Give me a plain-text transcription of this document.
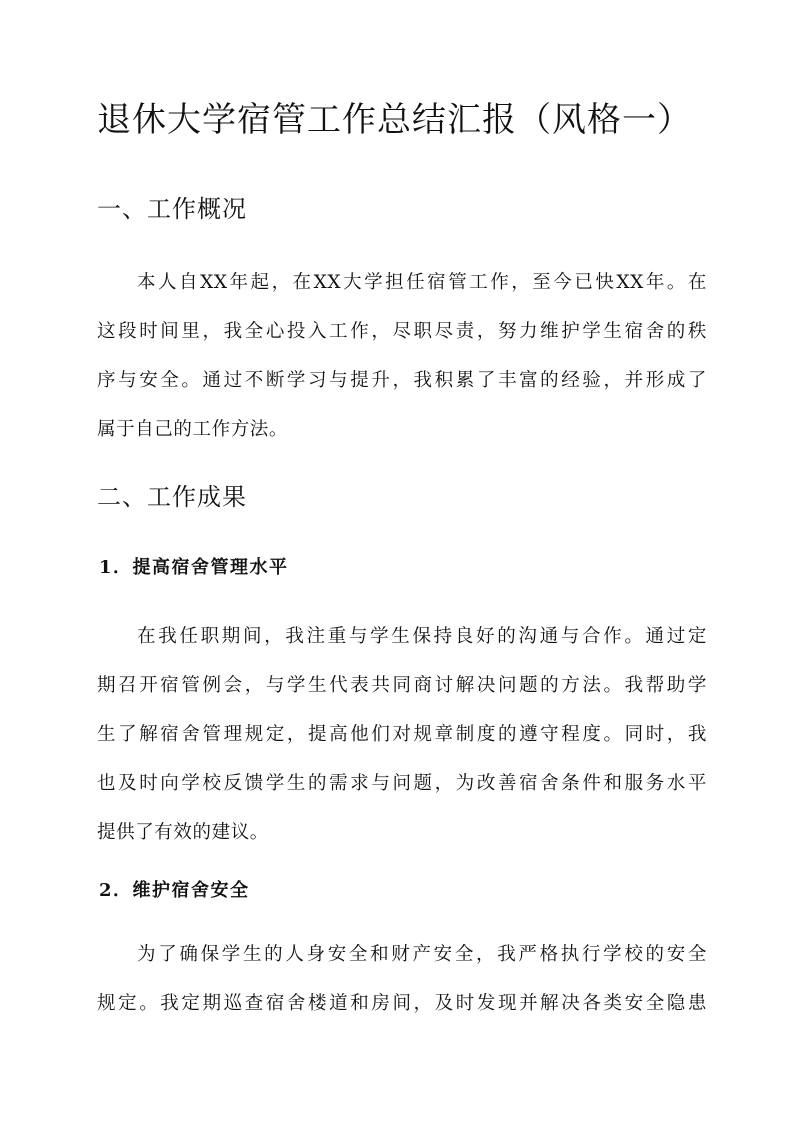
退休大学宿管工作总结汇报（风格一）
一、工作概况

本人自XX年起，在XX大学担任宿管工作，至今已快XX年。在
这段时间里，我全心投入工作，尽职尽责，努力维护学生宿舍的秩
序与安全。通过不断学习与提升，我积累了丰富的经验，并形成了
属于自己的工作方法。

二、工作成果
1．提高宿舍管理水平

在我任职期间，我注重与学生保持良好的沟通与合作。通过定
期召开宿管例会，与学生代表共同商讨解决问题的方法。我帮助学
生了解宿舍管理规定，提高他们对规章制度的遵守程度。同时，我
也及时向学校反馈学生的需求与问题，为改善宿舍条件和服务水平
提供了有效的建议。

2．维护宿舍安全

为了确保学生的人身安全和财产安全，我严格执行学校的安全
规定。我定期巡查宿舍楼道和房间，及时发现并解决各类安全隐患
